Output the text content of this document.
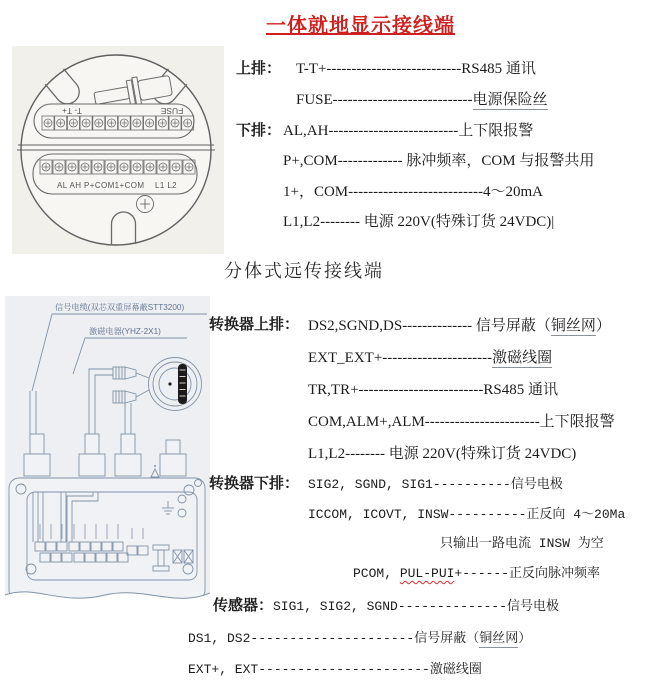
一体就地显示接线端
T- T+	FUSE
AL AH P+COM1+COM L1 L2
上排： T-T+---------------------------RS485 通讯
FUSE----------------------------电源保险丝
下排： AL,AH--------------------------上下限报警
P+,COM------------- 脉冲频率，COM 与报警共用
1+，COM---------------------------4～20mA
L1,L2-------- 电源 220V(特殊订货 24VDC)|
分体式远传接线端
信号电缆(双芯双重屏幕蔽STT3200)
激磁电器(YHZ-2X1)	转换器上排： DS2,SGND,DS-------------- 信号屏蔽（铜丝网）
EXT_EXT+----------------------激磁线圈
TR,TR+-------------------------RS485 通讯
COM,ALM+,ALM-----------------------上下限报警
L1,L2-------- 电源 220V(特殊订货 24VDC)
转换器下排： SIG2, SGND, SIG1----------信号电极
ICCOM, ICOVT, INSW----------正反向 4～20Ma
只输出一路电流 INSW 为空
PCOM, PUL-PUI+------正反向脉冲频率
传感器： SIG1, SIG2, SGND--------------信号电极
DS1, DS2---------------------信号屏蔽（铜丝网）
EXT+, EXT----------------------激磁线圈
